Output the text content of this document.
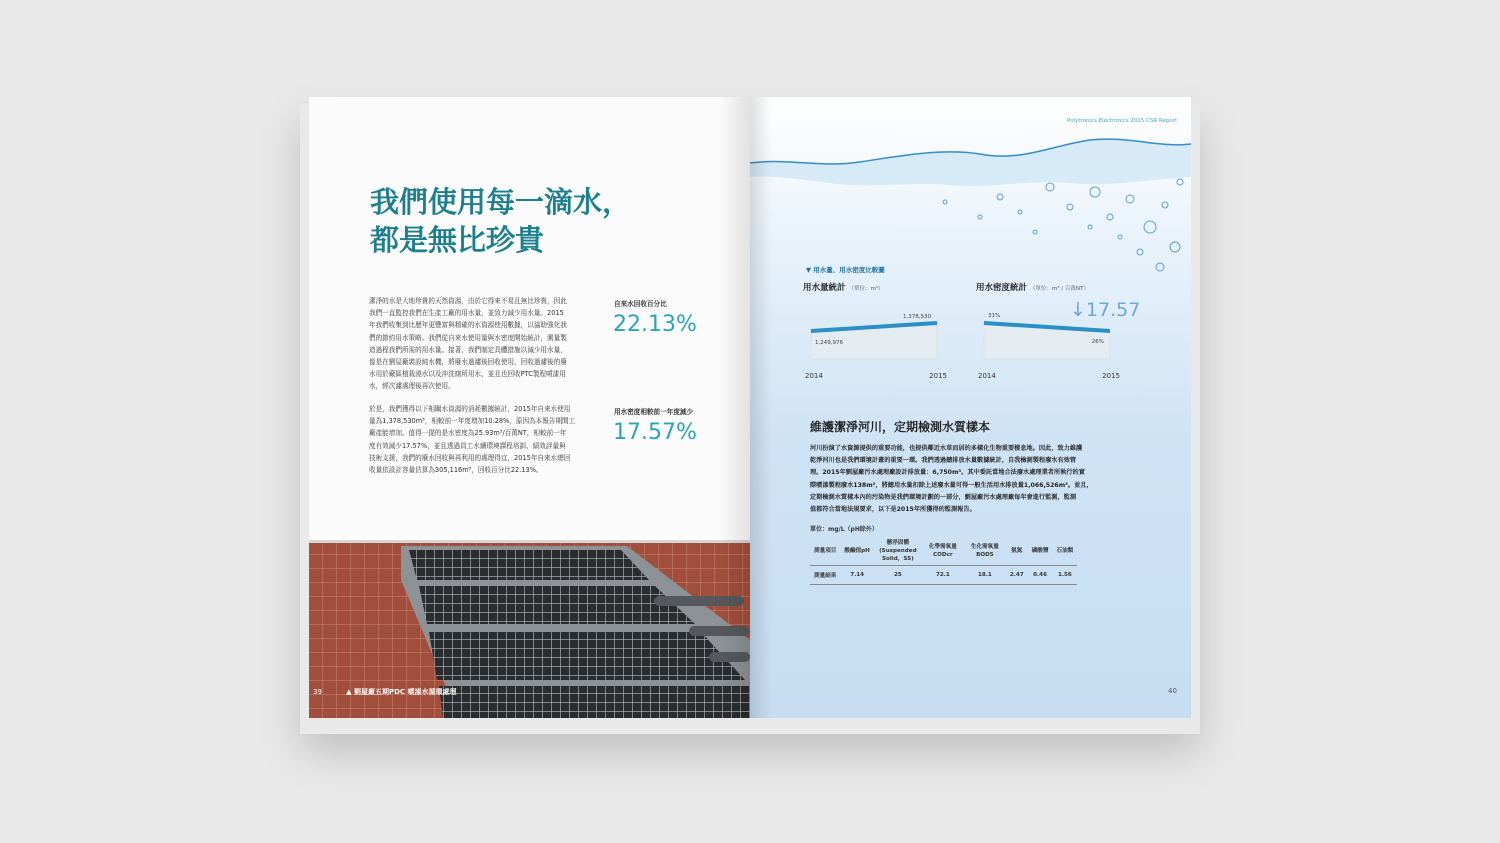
我們使用每一滴水，
都是無比珍貴
潔淨的水是大地珍貴的天然資源，由於它得來不易且無比珍貴，因此
我們一直監控我們在生產工廠的用水量，並致力減少用水量。2015
年我們收集到比歷年更豐富與精確的水資源使用數據，以協助強化我
們的節約用水策略。我們從自來水使用量與水密度開始統計，測量製
造過程我們所需的用水量。接著，我們制定具體措施以減少用水量，
像是在劉屋廠裝設純水機，將廢水過濾後回收使用，回收過濾後的廢
水用於廠區植栽澆水以及沖洗廁所用水，並且也回收PTC製程噴漆用
水，經次濾處理後再次使用。
於是，我們獲得以下相關水資源的消耗數據統計，2015年自來水使用
量為1,378,530m³，相較前一年度增加10.28%，原因為本報告期間工
廠產能增加。值得一提的是水密度為25.93m³/百萬NT，相較前一年
度有效減少17.57%，並且透過員工水續環境課程培訓、績效評量與
技術支援，我們的廢水回收與再利用的處理得宜，2015年自來水總回
收量依設計容量估算為305,116m³，回收百分比22.13%。
自來水回收百分比
22.13%
用水密度相較前一年度減少
17.57%
39	▲ 劉屋廠五期PDC 噴漆水循環處理
Polytronics Electronics 2015 CSR Report
▼ 用水量、用水密度比較圖
用水量統計 （單位：m³）	用水密度統計 （單位：m³ / 百萬NT）
↓17.57
1,249,976
1,378,530
2014	2015
31%
26%
2014	2015
維護潔淨河川，定期檢測水質樣本
河川扮演了水資源提供的重要功能，也提供鄰近水草而居的多樣化生物重要棲息地。因此，致力維護
乾淨河川也是我們環境計畫的重要一環。我們透過總排放水量數據統計，自我檢測製程廢水有效管
理。2015年劉屋廠污水處理廠設計排放量：6,750m³。其中委託當地合法廢水處理業者所執行的實
際噴漆製程廢水138m³，將總用水量扣除上述廢水量可得一般生活用水排放量1,066,526m³。並且，
定期檢測水質樣本內的污染物是我們環境計劃的一部分，劉屋廠污水處理廠每年會進行監測，監測
值都符合當地法規要求，以下是2015年所獲得的監測報告。
單位：mg/L（pH除外）
測量項目	酸鹼值pH	懸浮固體 (Suspended Solid，SS)	化學需氧量 CODcr	生化需氧量 BOD5	氨氮	磷酸鹽	石油類
測量結果	7.14	25	72.1	18.1	2.47	0.46	1.56
40
